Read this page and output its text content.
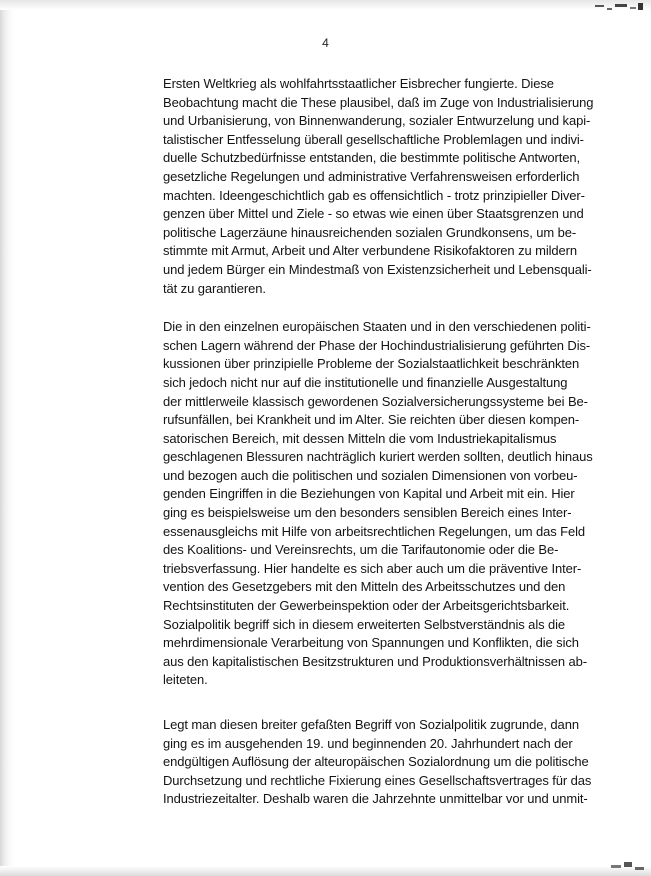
4

Ersten Weltkrieg als wohlfahrtsstaatlicher Eisbrecher fungierte. Diese
Beobachtung macht die These plausibel, daß im Zuge von Industrialisierung
und Urbanisierung, von Binnenwanderung, sozialer Entwurzelung und kapi-
talistischer Entfesselung überall gesellschaftliche Problemlagen und indivi-
duelle Schutzbedürfnisse entstanden, die bestimmte politische Antworten,
gesetzliche Regelungen und administrative Verfahrensweisen erforderlich
machten. Ideengeschichtlich gab es offensichtlich - trotz prinzipieller Diver-
genzen über Mittel und Ziele - so etwas wie einen über Staatsgrenzen und
politische Lagerzäune hinausreichenden sozialen Grundkonsens, um be-
stimmte mit Armut, Arbeit und Alter verbundene Risikofaktoren zu mildern
und jedem Bürger ein Mindestmaß von Existenzsicherheit und Lebensquali-
tät zu garantieren.

Die in den einzelnen europäischen Staaten und in den verschiedenen politi-
schen Lagern während der Phase der Hochindustrialisierung geführten Dis-
kussionen über prinzipielle Probleme der Sozialstaatlichkeit beschränkten
sich jedoch nicht nur auf die institutionelle und finanzielle Ausgestaltung
der mittlerweile klassisch gewordenen Sozialversicherungssysteme bei Be-
rufsunfällen, bei Krankheit und im Alter. Sie reichten über diesen kompen-
satorischen Bereich, mit dessen Mitteln die vom Industriekapitalismus
geschlagenen Blessuren nachträglich kuriert werden sollten, deutlich hinaus
und bezogen auch die politischen und sozialen Dimensionen von vorbeu-
genden Eingriffen in die Beziehungen von Kapital und Arbeit mit ein. Hier
ging es beispielsweise um den besonders sensiblen Bereich eines Inter-
essenausgleichs mit Hilfe von arbeitsrechtlichen Regelungen, um das Feld
des Koalitions- und Vereinsrechts, um die Tarifautonomie oder die Be-
triebsverfassung. Hier handelte es sich aber auch um die präventive Inter-
vention des Gesetzgebers mit den Mitteln des Arbeitsschutzes und den
Rechtsinstituten der Gewerbeinspektion oder der Arbeitsgerichtsbarkeit.
Sozialpolitik begriff sich in diesem erweiterten Selbstverständnis als die
mehrdimensionale Verarbeitung von Spannungen und Konflikten, die sich
aus den kapitalistischen Besitzstrukturen und Produktionsverhältnissen ab-
leiteten.

Legt man diesen breiter gefaßten Begriff von Sozialpolitik zugrunde, dann
ging es im ausgehenden 19. und beginnenden 20. Jahrhundert nach der
endgültigen Auflösung der alteuropäischen Sozialordnung um die politische
Durchsetzung und rechtliche Fixierung eines Gesellschaftsvertrages für das
Industriezeitalter. Deshalb waren die Jahrzehnte unmittelbar vor und unmit-
